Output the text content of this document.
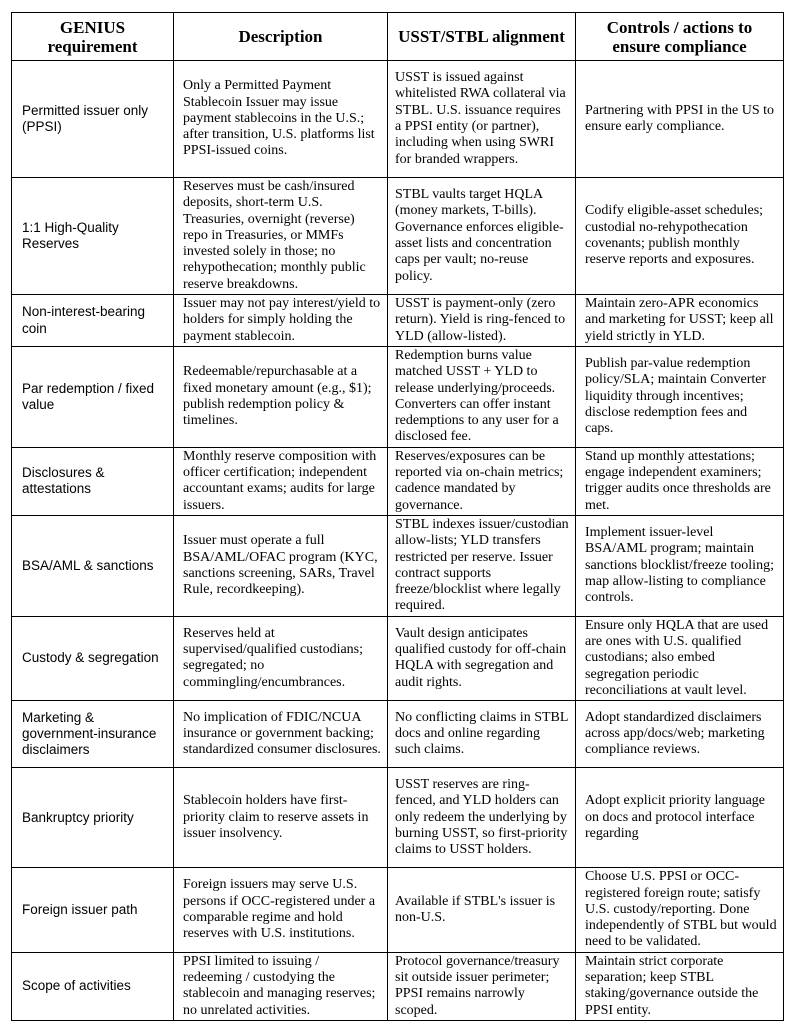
GENIUS requirement	Description	USST/STBL alignment	Controls / actions to ensure compliance
Permitted issuer only (PPSI)	Only a Permitted Payment Stablecoin Issuer may issue payment stablecoins in the U.S.; after transition, U.S. platforms list PPSI-issued coins.	USST is issued against whitelisted RWA collateral via STBL. U.S. issuance requires a PPSI entity (or partner), including when using SWRI for branded wrappers.	Partnering with PPSI in the US to ensure early compliance.
1:1 High-Quality Reserves	Reserves must be cash/insured deposits, short-term U.S. Treasuries, overnight (reverse) repo in Treasuries, or MMFs invested solely in those; no rehypothecation; monthly public reserve breakdowns.	STBL vaults target HQLA (money markets, T-bills). Governance enforces eligible-asset lists and concentration caps per vault; no-reuse policy.	Codify eligible-asset schedules; custodial no-rehypothecation covenants; publish monthly reserve reports and exposures.
Non-interest-bearing coin	Issuer may not pay interest/yield to holders for simply holding the payment stablecoin.	USST is payment-only (zero return). Yield is ring-fenced to YLD (allow-listed).	Maintain zero-APR economics and marketing for USST; keep all yield strictly in YLD.
Par redemption / fixed value	Redeemable/repurchasable at a fixed monetary amount (e.g., $1); publish redemption policy & timelines.	Redemption burns value matched USST + YLD to release underlying/proceeds. Converters can offer instant redemptions to any user for a disclosed fee.	Publish par-value redemption policy/SLA; maintain Converter liquidity through incentives; disclose redemption fees and caps.
Disclosures & attestations	Monthly reserve composition with officer certification; independent accountant exams; audits for large issuers.	Reserves/exposures can be reported via on-chain metrics; cadence mandated by governance.	Stand up monthly attestations; engage independent examiners; trigger audits once thresholds are met.
BSA/AML & sanctions	Issuer must operate a full BSA/AML/OFAC program (KYC, sanctions screening, SARs, Travel Rule, recordkeeping).	STBL indexes issuer/custodian allow-lists; YLD transfers restricted per reserve. Issuer contract supports freeze/blocklist where legally required.	Implement issuer-level BSA/AML program; maintain sanctions blocklist/freeze tooling; map allow-listing to compliance controls.
Custody & segregation	Reserves held at supervised/qualified custodians; segregated; no commingling/encumbrances.	Vault design anticipates qualified custody for off-chain HQLA with segregation and audit rights.	Ensure only HQLA that are used are ones with U.S. qualified custodians; also embed segregation periodic reconciliations at vault level.
Marketing & government-insurance disclaimers	No implication of FDIC/NCUA insurance or government backing; standardized consumer disclosures.	No conflicting claims in STBL docs and online regarding such claims.	Adopt standardized disclaimers across app/docs/web; marketing compliance reviews.
Bankruptcy priority	Stablecoin holders have first-priority claim to reserve assets in issuer insolvency.	USST reserves are ring-fenced, and YLD holders can only redeem the underlying by burning USST, so first-priority claims to USST holders.	Adopt explicit priority language on docs and protocol interface regarding
Foreign issuer path	Foreign issuers may serve U.S. persons if OCC-registered under a comparable regime and hold reserves with U.S. institutions.	Available if STBL's issuer is non-U.S.	Choose U.S. PPSI or OCC-registered foreign route; satisfy U.S. custody/reporting. Done independently of STBL but would need to be validated.
Scope of activities	PPSI limited to issuing / redeeming / custodying the stablecoin and managing reserves; no unrelated activities.	Protocol governance/treasury sit outside issuer perimeter; PPSI remains narrowly scoped.	Maintain strict corporate separation; keep STBL staking/governance outside the PPSI entity.
